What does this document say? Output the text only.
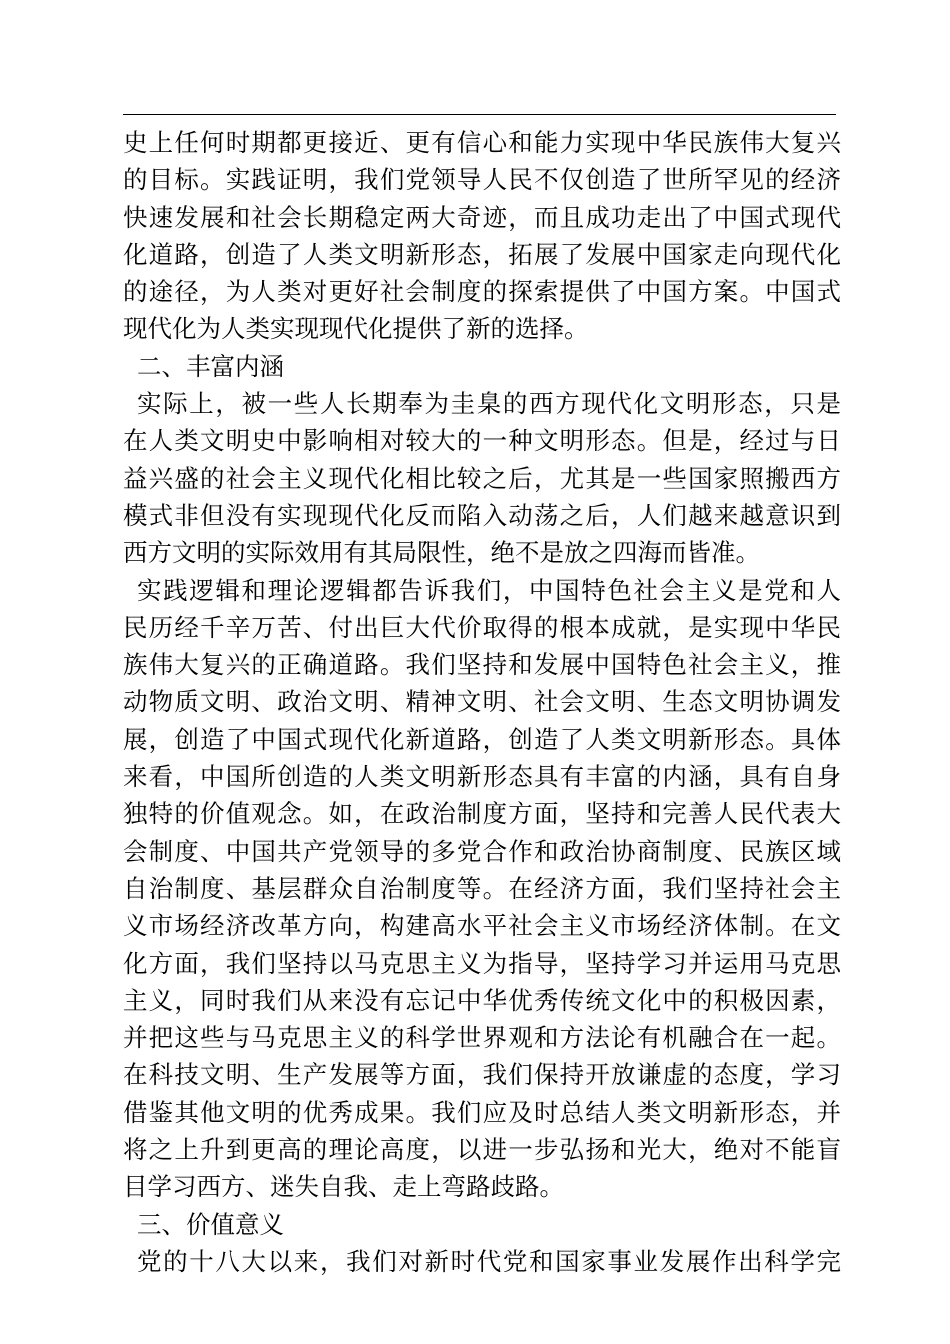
史上任何时期都更接近、更有信心和能力实现中华民族伟大复兴
的目标。实践证明，我们党领导人民不仅创造了世所罕见的经济
快速发展和社会长期稳定两大奇迹，而且成功走出了中国式现代
化道路，创造了人类文明新形态，拓展了发展中国家走向现代化
的途径，为人类对更好社会制度的探索提供了中国方案。中国式
现代化为人类实现现代化提供了新的选择。
二、丰富内涵
实际上，被一些人长期奉为圭臬的西方现代化文明形态，只是
在人类文明史中影响相对较大的一种文明形态。但是，经过与日
益兴盛的社会主义现代化相比较之后，尤其是一些国家照搬西方
模式非但没有实现现代化反而陷入动荡之后，人们越来越意识到
西方文明的实际效用有其局限性，绝不是放之四海而皆准。
实践逻辑和理论逻辑都告诉我们，中国特色社会主义是党和人
民历经千辛万苦、付出巨大代价取得的根本成就，是实现中华民
族伟大复兴的正确道路。我们坚持和发展中国特色社会主义，推
动物质文明、政治文明、精神文明、社会文明、生态文明协调发
展，创造了中国式现代化新道路，创造了人类文明新形态。具体
来看，中国所创造的人类文明新形态具有丰富的内涵，具有自身
独特的价值观念。如，在政治制度方面，坚持和完善人民代表大
会制度、中国共产党领导的多党合作和政治协商制度、民族区域
自治制度、基层群众自治制度等。在经济方面，我们坚持社会主
义市场经济改革方向，构建高水平社会主义市场经济体制。在文
化方面，我们坚持以马克思主义为指导，坚持学习并运用马克思
主义，同时我们从来没有忘记中华优秀传统文化中的积极因素，
并把这些与马克思主义的科学世界观和方法论有机融合在一起。
在科技文明、生产发展等方面，我们保持开放谦虚的态度，学习
借鉴其他文明的优秀成果。我们应及时总结人类文明新形态，并
将之上升到更高的理论高度，以进一步弘扬和光大，绝对不能盲
目学习西方、迷失自我、走上弯路歧路。
三、价值意义
党的十八大以来，我们对新时代党和国家事业发展作出科学完
